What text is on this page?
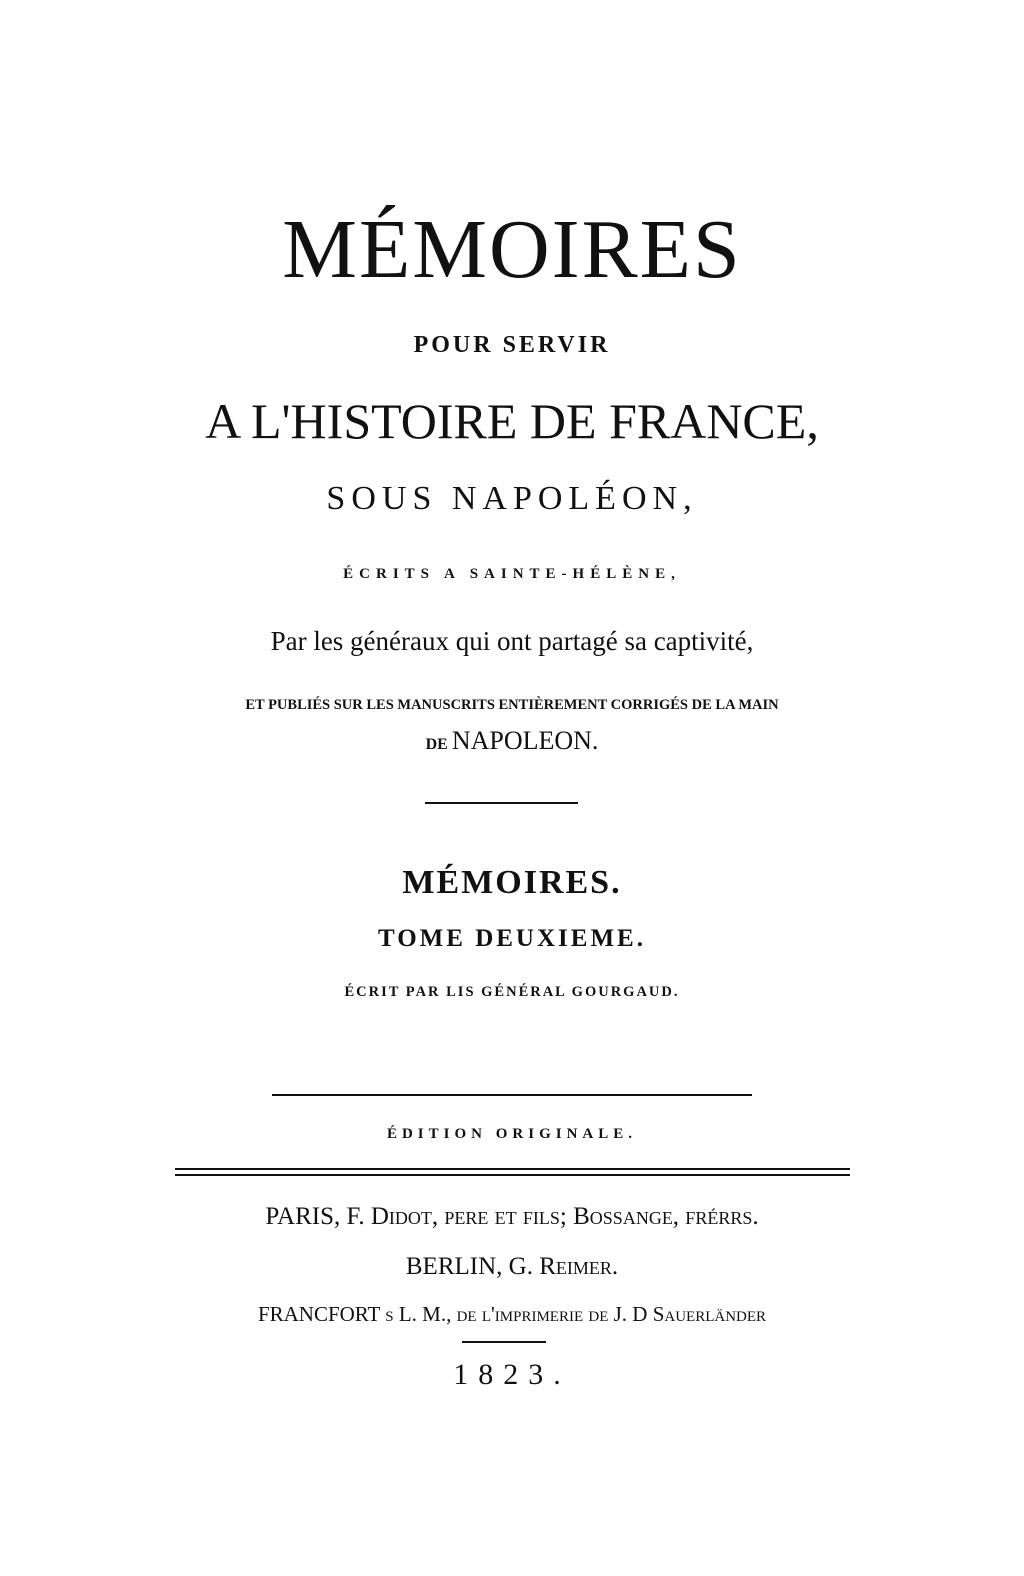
MÉMOIRES
POUR SERVIR
A L'HISTOIRE DE FRANCE,
SOUS NAPOLÉON,
ÉCRITS A SAINTE-HÉLÈNE,
Par les généraux qui ont partagé sa captivité,
ET PUBLIÉS SUR LES MANUSCRITS ENTIÈREMENT CORRIGÉS DE LA MAIN
DE NAPOLEON.
MÉMOIRES.
TOME DEUXIEME.
ÉCRIT PAR LIS GÉNÉRAL GOURGAUD.
ÉDITION ORIGINALE.
PARIS, F. Didot, pere et fils; Bossange, frérrs.
BERLIN, G. Reimer.
FRANCFORT s L. M., de l'imprimerie de J. D Sauerländer
1823.
